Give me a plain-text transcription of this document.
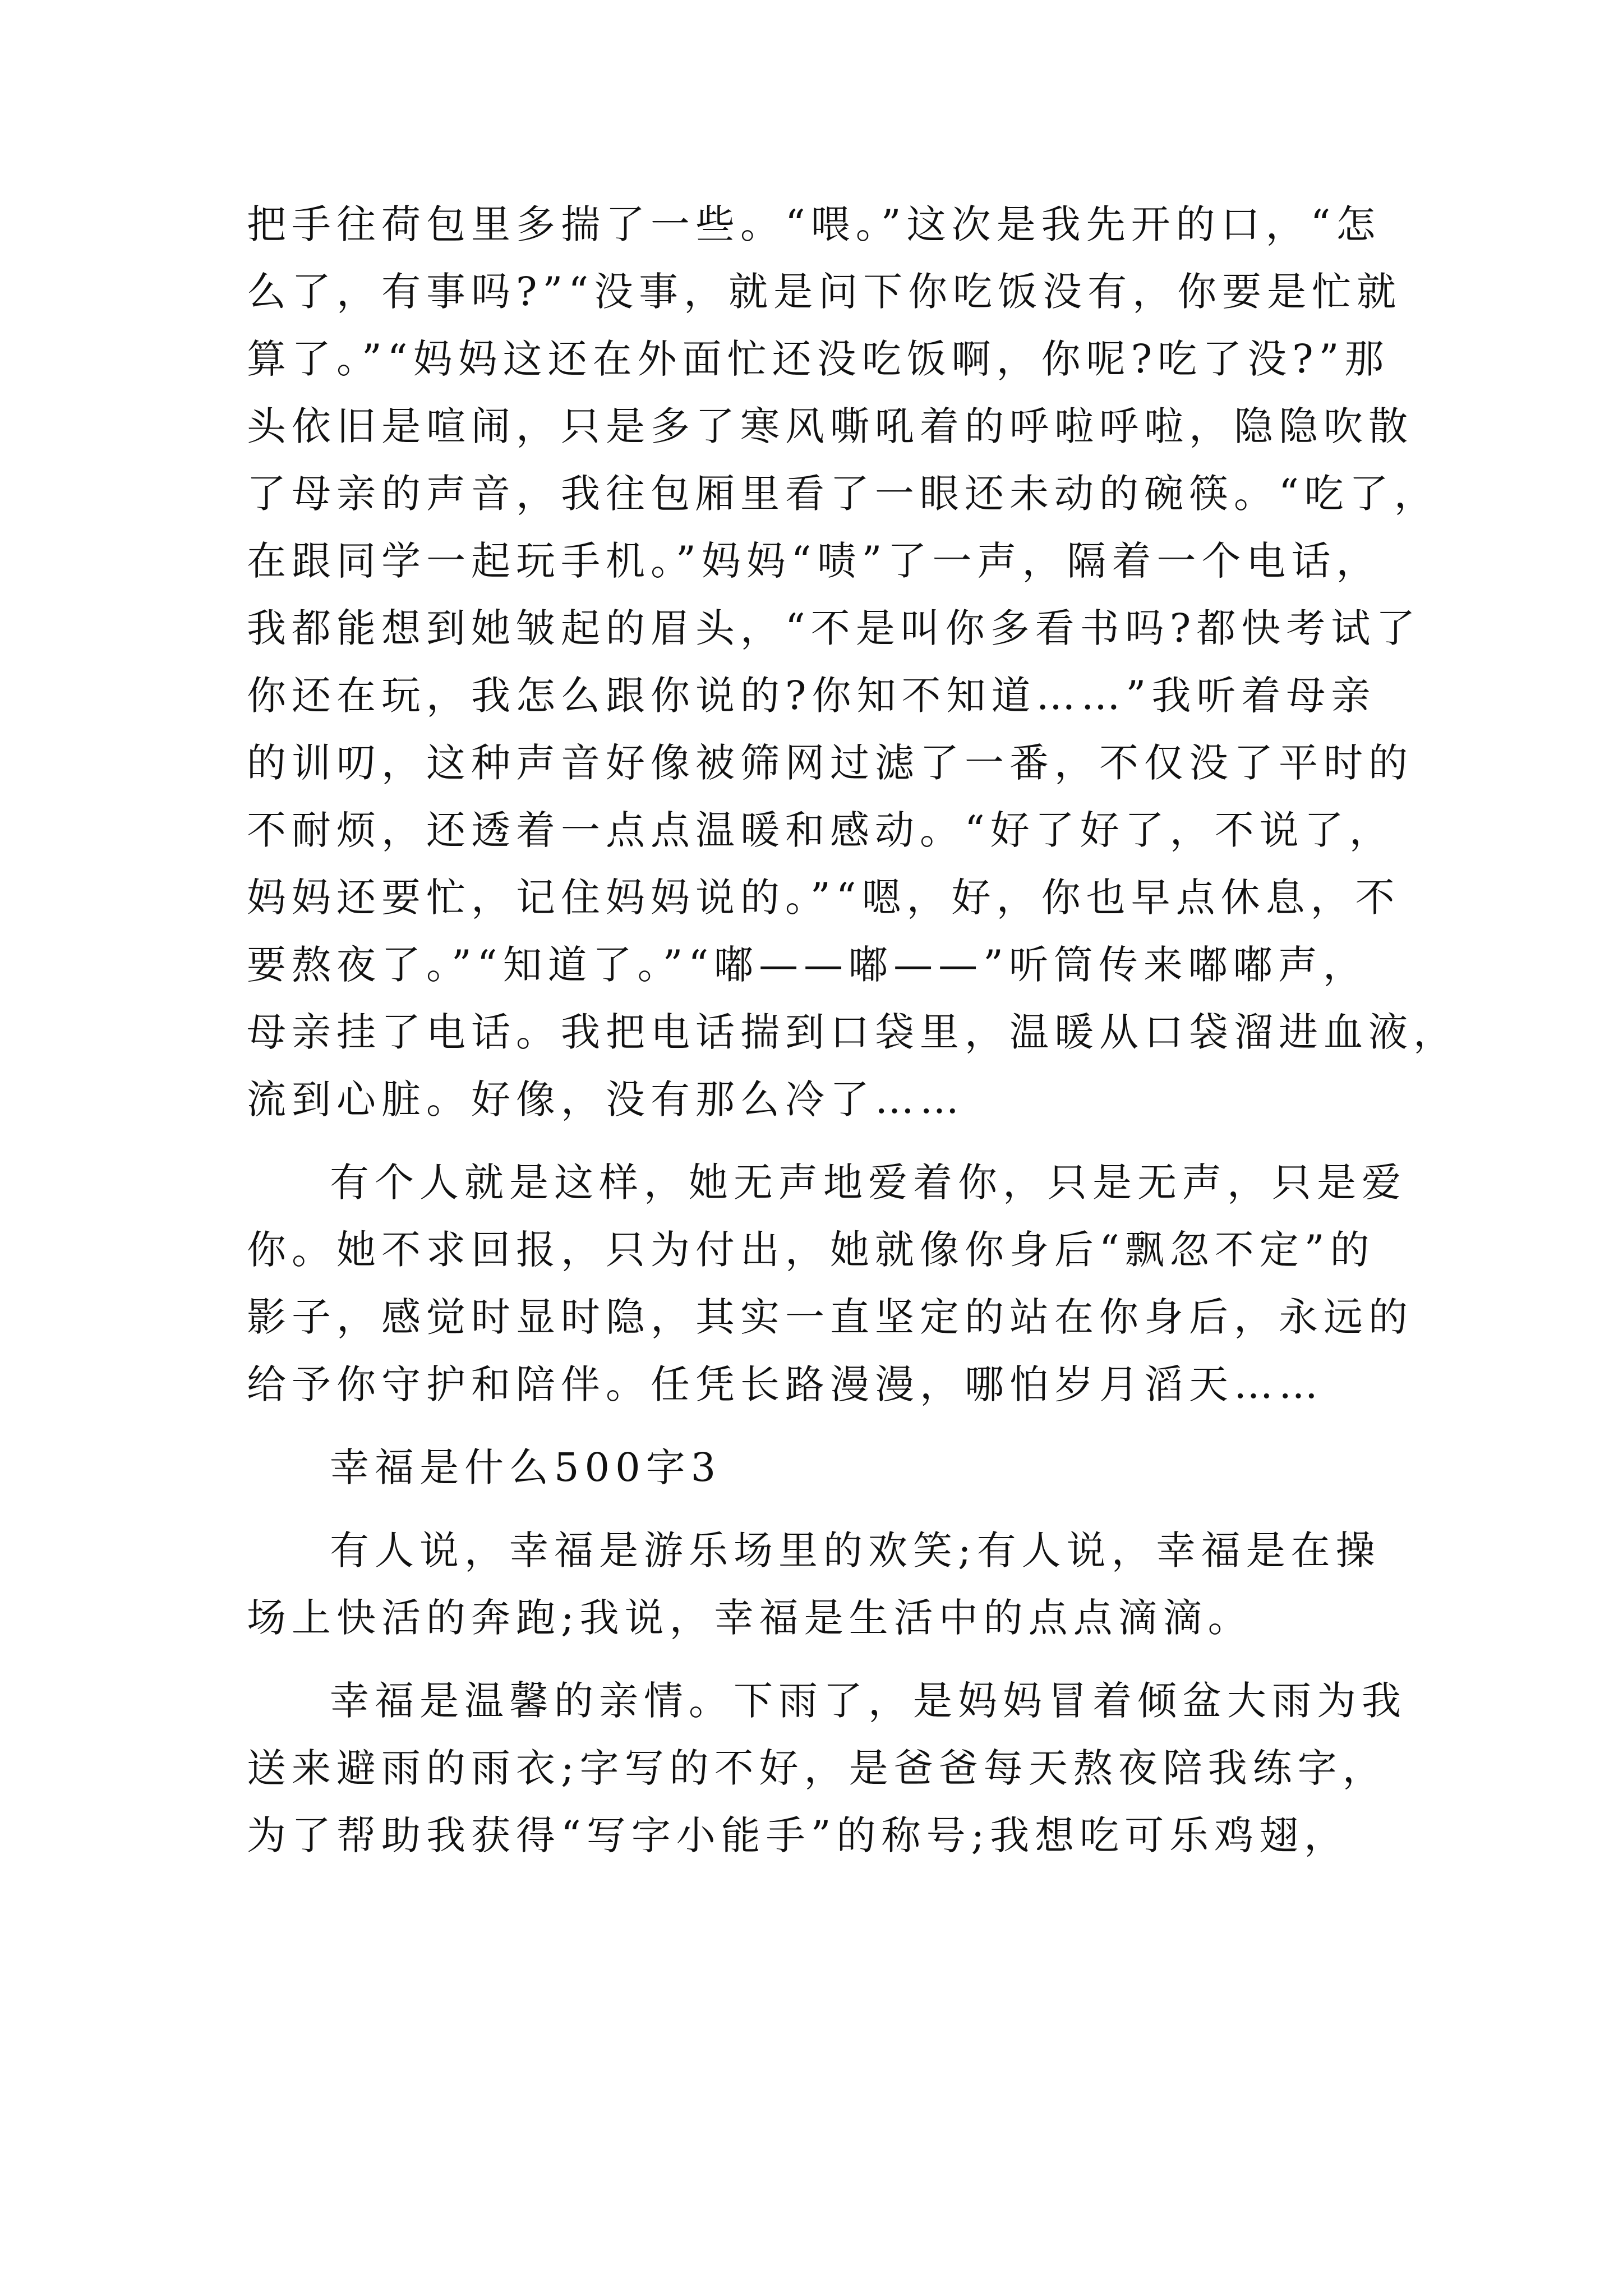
把手往荷包里多揣了一些。“喂。”这次是我先开的口，“怎
么了，有事吗?”“没事，就是问下你吃饭没有，你要是忙就
算了。”“妈妈这还在外面忙还没吃饭啊，你呢?吃了没?”那
头依旧是喧闹，只是多了寒风嘶吼着的呼啦呼啦，隐隐吹散
了母亲的声音，我往包厢里看了一眼还未动的碗筷。“吃了，
在跟同学一起玩手机。”妈妈“啧”了一声，隔着一个电话，
我都能想到她皱起的眉头，“不是叫你多看书吗?都快考试了
你还在玩，我怎么跟你说的?你知不知道……”我听着母亲
的训叨，这种声音好像被筛网过滤了一番，不仅没了平时的
不耐烦，还透着一点点温暖和感动。“好了好了，不说了，
妈妈还要忙，记住妈妈说的。”“嗯，好，你也早点休息，不
要熬夜了。”“知道了。”“嘟——嘟——”听筒传来嘟嘟声，
母亲挂了电话。我把电话揣到口袋里，温暖从口袋溜进血液，
流到心脏。好像，没有那么冷了……
有个人就是这样，她无声地爱着你，只是无声，只是爱
你。她不求回报，只为付出，她就像你身后“飘忽不定”的
影子，感觉时显时隐，其实一直坚定的站在你身后，永远的
给予你守护和陪伴。任凭长路漫漫，哪怕岁月滔天……
幸福是什么500字3
有人说，幸福是游乐场里的欢笑;有人说，幸福是在操
场上快活的奔跑;我说，幸福是生活中的点点滴滴。
幸福是温馨的亲情。下雨了，是妈妈冒着倾盆大雨为我
送来避雨的雨衣;字写的不好，是爸爸每天熬夜陪我练字，
为了帮助我获得“写字小能手”的称号;我想吃可乐鸡翅，
